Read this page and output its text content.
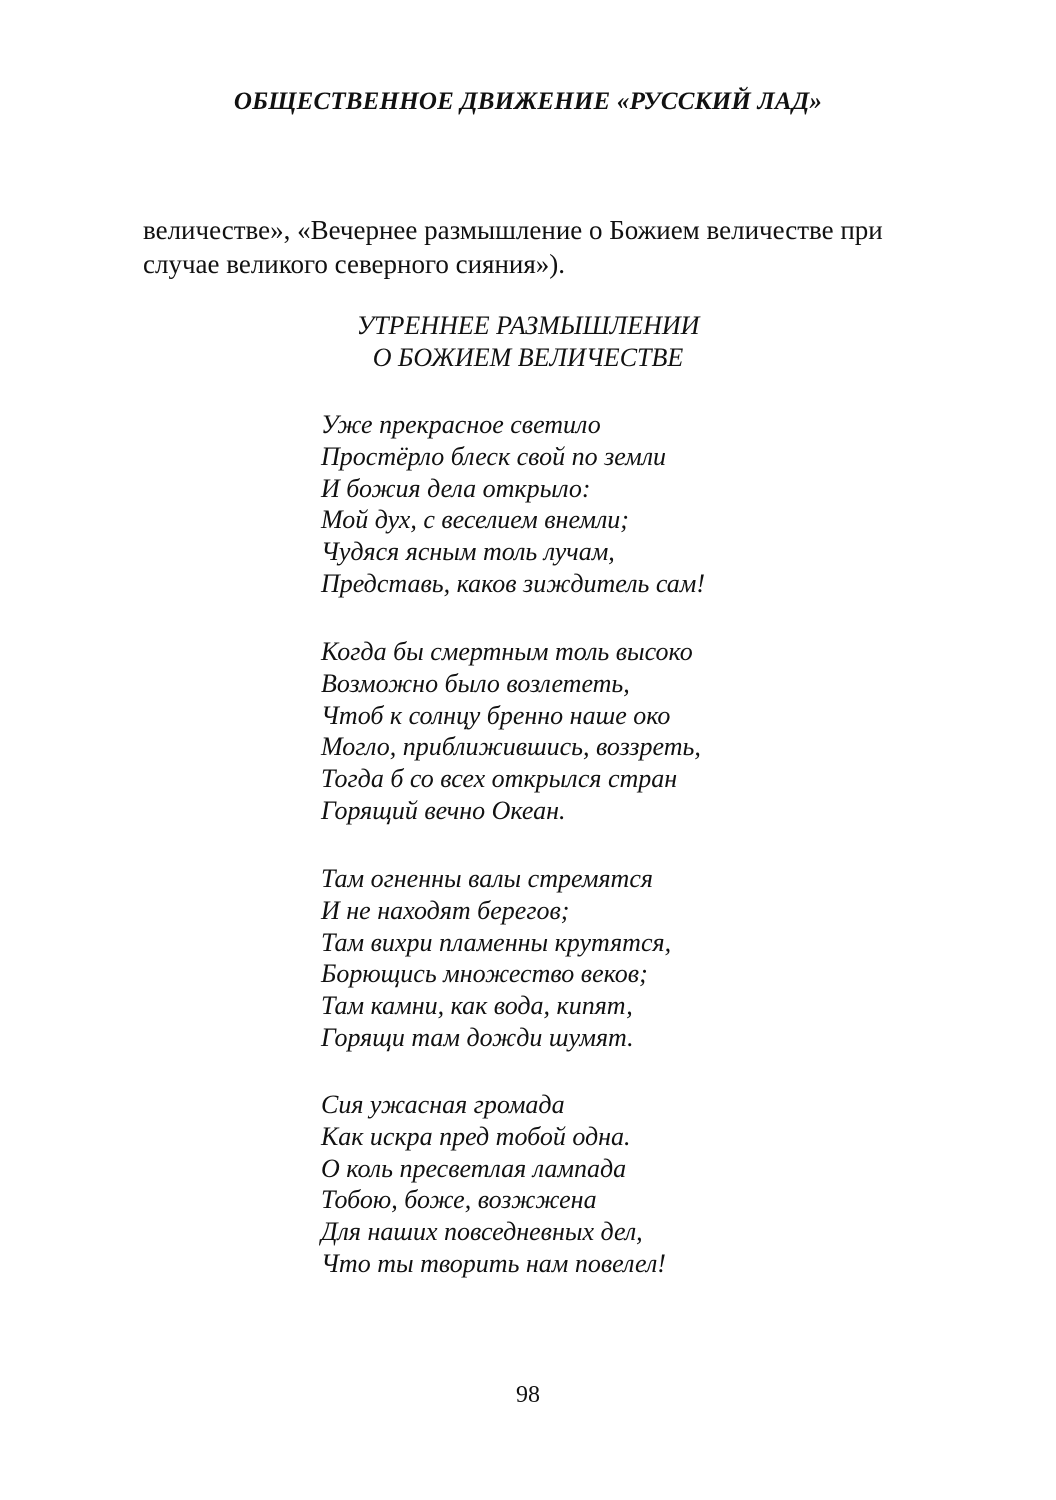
ОБЩЕСТВЕННОЕ ДВИЖЕНИЕ «РУССКИЙ ЛАД»
величестве», «Вечернее размышление о Божием величестве при
случае великого северного сияния»).
УТРЕННЕЕ РАЗМЫШЛЕНИИ
О БОЖИЕМ ВЕЛИЧЕСТВЕ
Уже прекрасное светило
Простёрло блеск свой по земли
И божия дела открыло:
Мой дух, с веселием внемли;
Чудяся ясным толь лучам,
Представь, каков зиждитель сам!
Когда бы смертным толь высоко
Возможно было возлететь,
Чтоб к солнцу бренно наше око
Могло, приближившись, воззреть,
Тогда б со всех открылся стран
Горящий вечно Океан.
Там огненны валы стремятся
И не находят берегов;
Там вихри пламенны крутятся,
Борющись множество веков;
Там камни, как вода, кипят,
Горящи там дожди шумят.
Сия ужасная громада
Как искра пред тобой одна.
О коль пресветлая лампада
Тобою, боже, возжжена
Для наших повседневных дел,
Что ты творить нам повелел!
98
